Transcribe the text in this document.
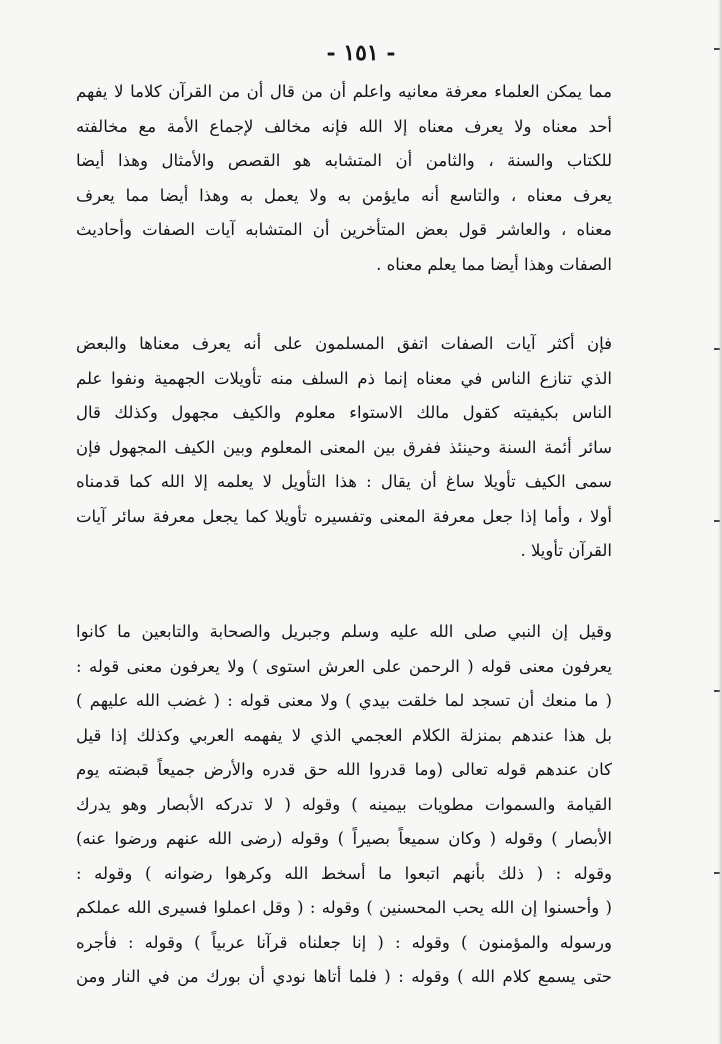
- ١٥١ -
مما يمكن العلماء معرفة معانيه واعلم أن من قال أن من القرآن كلاما لا يفهم
أحد معناه ولا يعرف معناه إلا الله فإنه مخالف لإجماع الأمة مع مخالفته
للكتاب والسنة ، والثامن أن المتشابه هو القصص والأمثال وهذا أيضا
يعرف معناه ، والتاسع أنه مايؤمن به ولا يعمل به وهذا أيضا مما يعرف
معناه ، والعاشر قول بعض المتأخرين أن المتشابه آيات الصفات وأحاديث
الصفات وهذا أيضا مما يعلم معناه .
فإن أكثر آيات الصفات اتفق المسلمون على أنه يعرف معناها والبعض
الذي تنازع الناس في معناه إنما ذم السلف منه تأويلات الجهمية ونفوا علم
الناس بكيفيته كقول مالك الاستواء معلوم والكيف مجهول وكذلك قال
سائر أئمة السنة وحينئذ ففرق بين المعنى المعلوم وبين الكيف المجهول فإن
سمى الكيف تأويلا ساغ أن يقال : هذا التأويل لا يعلمه إلا الله كما قدمناه
أولا ، وأما إذا جعل معرفة المعنى وتفسيره تأويلا كما يجعل معرفة سائر آيات
القرآن تأويلا .
وقيل إن النبي صلى الله عليه وسلم وجبريل والصحابة والتابعين ما كانوا
يعرفون معنى قوله ( الرحمن على العرش استوى ) ولا يعرفون معنى قوله :
( ما منعك أن تسجد لما خلقت بيدي ) ولا معنى قوله : ( غضب الله عليهم )
بل هذا عندهم بمنزلة الكلام العجمي الذي لا يفهمه العربي وكذلك إذا قيل
كان عندهم قوله تعالى (وما قدروا الله حق قدره والأرض جميعاً قبضته يوم
القيامة والسموات مطويات بيمينه ) وقوله ( لا تدركه الأبصار وهو يدرك
الأبصار ) وقوله ( وكان سميعاً بصيراً ) وقوله (رضى الله عنهم ورضوا عنه)
وقوله : ( ذلك بأنهم اتبعوا ما أسخط الله وكرهوا رضوانه ) وقوله :
( وأحسنوا إن الله يحب المحسنين ) وقوله : ( وقل اعملوا فسيرى الله عملكم
ورسوله والمؤمنون ) وقوله : ( إنا جعلناه قرآنا عربياً ) وقوله : فأجره
حتى يسمع كلام الله ) وقوله : ( فلما أتاها نودي أن بورك من في النار ومن
